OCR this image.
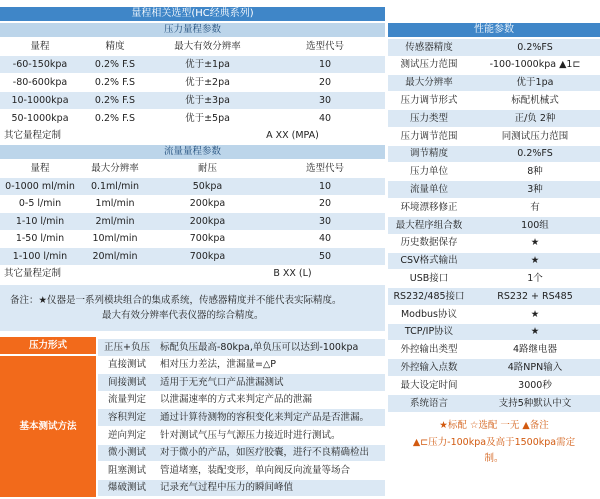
量程相关选型(HC经典系列)
压力量程参数
量程	精度	最大有效分辨率	选型代号
-60-150kpa	0.2% F.S	优于±1pa	10
-80-600kpa	0.2% F.S	优于±2pa	20
10-1000kpa	0.2% F.S	优于±3pa	30
50-1000kpa	0.2% F.S	优于±5pa	40
其它量程定制	A XX (MPA)
流量量程参数
量程	最大分辨率	耐压	选型代号
0-1000 ml/min	0.1ml/min	50kpa	10
0-5 l/min	1ml/min	200kpa	20
1-10 l/min	2ml/min	200kpa	30
1-50 l/min	10ml/min	700kpa	40
1-100 l/min	20ml/min	700kpa	50
其它量程定制	B XX (L)
备注：★仪器是一系列模块组合的集成系统，传感器精度并不能代表实际精度。
最大有效分辨率代表仪器的综合精度。
压力形式
基本测试方法
正压+负压	标配负压最高-80kpa,单负压可以达到-100kpa
直接测试	相对压力差法，泄漏量=△P
间接测试	适用于无充气口产品泄漏测试
流量判定	以泄漏速率的方式来判定产品的泄漏
容积判定	通过计算待测物的容积变化来判定产品是否泄漏。
逆向判定	针对测试气压与气源压力接近时进行测试。
微小测试	对于微小的产品，如医疗胶囊，进行不良精确检出
阻塞测试	管道堵塞，装配变形，单向阀反向流量等场合
爆破测试	记录充气过程中压力的瞬间峰值
性能参数
传感器精度	0.2%FS
测试压力范围	-100-1000kpa ▲1⊏
最大分辨率	优于1pa
压力调节形式	标配机械式
压力类型	正/负 2种
压力调节范围	同测试压力范围
调节精度	0.2%FS
压力单位	8种
流量单位	3种
环境漂移修正	有
最大程序组合数	100组
历史数据保存	★
CSV格式输出	★
USB接口	1个
RS232/485接口	RS232 + RS485
Modbus协议	★
TCP/IP协议	★
外控输出类型	4路继电器
外控输入点数	4路NPN输入
最大设定时间	3000秒
系统语言	支持5种默认中文
★标配 ☆选配 一无 ▲备注
▲⊏压力-100kpa及高于1500kpa需定
制。
